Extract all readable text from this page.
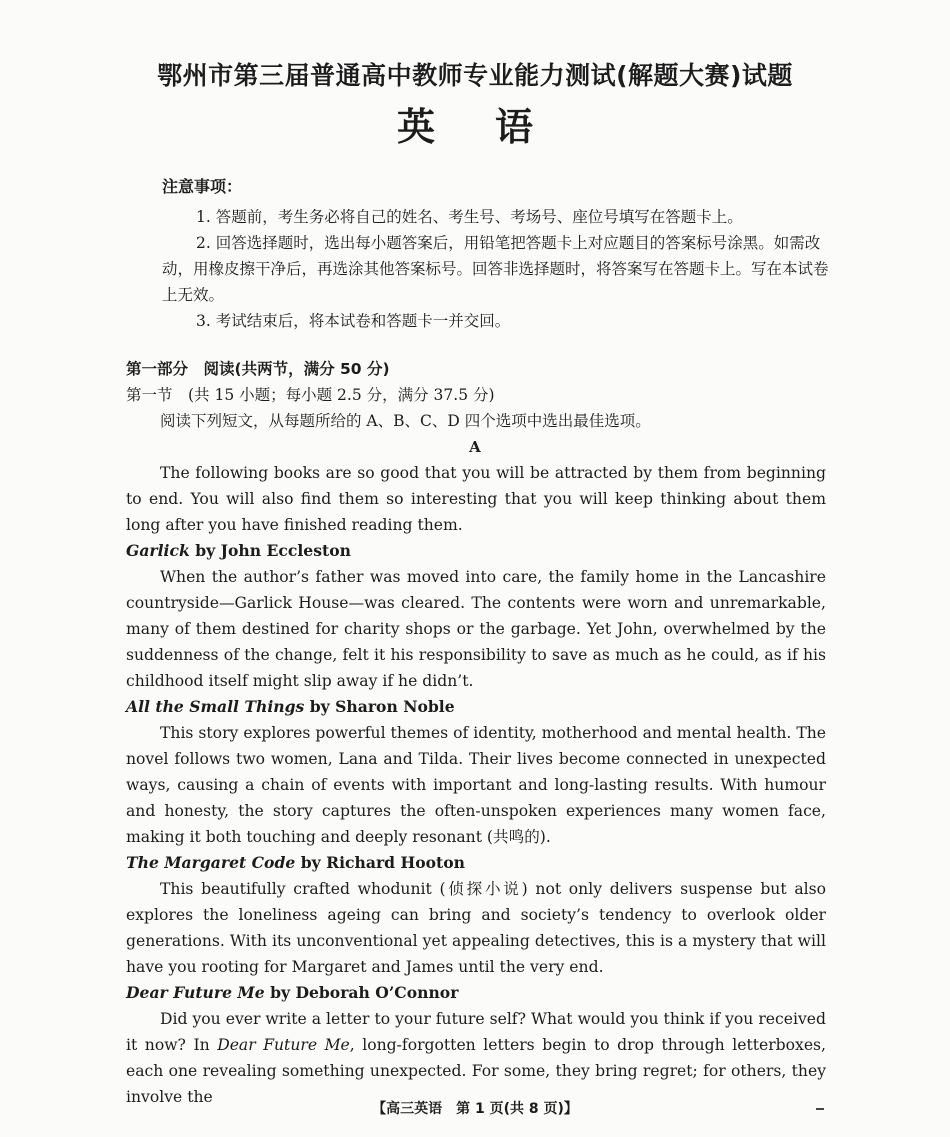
鄂州市第三届普通高中教师专业能力测试(解题大赛)试题
英语
注意事项：

1. 答题前，考生务必将自己的姓名、考生号、考场号、座位号填写在答题卡上。

2. 回答选择题时，选出每小题答案后，用铅笔把答题卡上对应题目的答案标号涂黑。如需改动，用橡皮擦干净后，再选涂其他答案标号。回答非选择题时，将答案写在答题卡上。写在本试卷上无效。

3. 考试结束后，将本试卷和答题卡一并交回。

第一部分　阅读(共两节，满分 50 分)
第一节　(共 15 小题；每小题 2.5 分，满分 37.5 分)
阅读下列短文，从每题所给的 A、B、C、D 四个选项中选出最佳选项。
A

The following books are so good that you will be attracted by them from beginning to end. You will also find them so interesting that you will keep thinking about them long after you have finished reading them.

Garlick by John Eccleston

When the author’s father was moved into care, the family home in the Lancashire countryside—Garlick House—was cleared. The contents were worn and unremarkable, many of them destined for charity shops or the garbage. Yet John, overwhelmed by the suddenness of the change, felt it his responsibility to save as much as he could, as if his childhood itself might slip away if he didn’t.

All the Small Things by Sharon Noble

This story explores powerful themes of identity, motherhood and mental health. The novel follows two women, Lana and Tilda. Their lives become connected in unexpected ways, causing a chain of events with important and long-lasting results. With humour and honesty, the story captures the often-unspoken experiences many women face, making it both touching and deeply resonant (共鸣的).

The Margaret Code by Richard Hooton

This beautifully crafted whodunit (侦探小说) not only delivers suspense but also explores the loneliness ageing can bring and society’s tendency to overlook older generations. With its unconventional yet appealing detectives, this is a mystery that will have you rooting for Margaret and James until the very end.

Dear Future Me by Deborah O’Connor

Did you ever write a letter to your future self? What would you think if you received it now? In Dear Future Me, long-forgotten letters begin to drop through letterboxes, each one revealing something unexpected. For some, they bring regret; for others, they involve the

【高三英语　第 1 页(共 8 页)】
